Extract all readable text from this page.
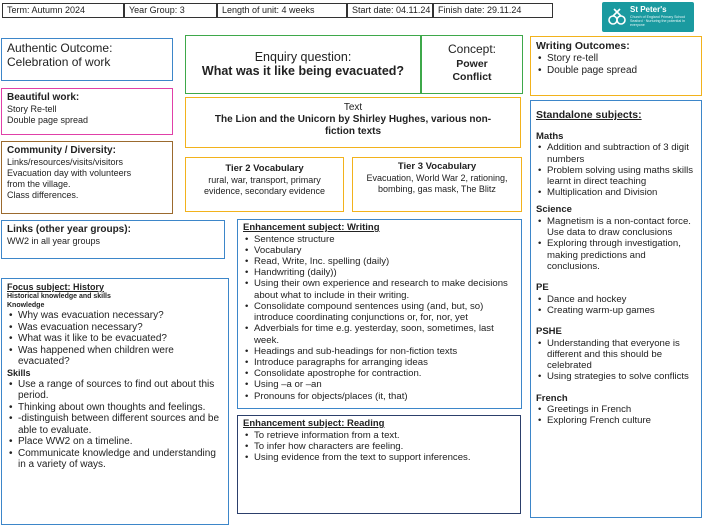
Term: Autumn 2024	Year Group: 3	Length of unit: 4 weeks	Start date: 04.11.24 Finish date: 29.11.24	St Peter's
Church of England Primary School Seaford · Nurturing the potential in everyone
Authentic Outcome:
Celebration of work	Enquiry question:
What was it like being evacuated?
Concept:
Power Conflict
Writing Outcomes:
• Story re-tell
• Double page spread
Beautiful work:
Story Re-tell
Double page spread
Text
The Lion and the Unicorn by Shirley Hughes, various non-fiction texts
Community / Diversity:
Links/resources/visits/visitors
Evacuation day with volunteers
from the village.
Class differences.
Tier 2 Vocabulary
rural, war, transport, primary evidence, secondary evidence
Tier 3 Vocabulary
Evacuation, World War 2, rationing, bombing, gas mask, The Blitz
Links (other year groups):
WW2 in all year groups
Enhancement subject: Writing
• Sentence structure
• Vocabulary
• Read, Write, Inc. spelling (daily)
• Handwriting (daily))
• Using their own experience and research to make decisions about what to include in their writing.
• Consolidate compound sentences using (and, but, so) introduce coordinating conjunctions or, for, nor, yet
• Adverbials for time e.g. yesterday, soon, sometimes, last week.
• Headings and sub-headings for non-fiction texts
• Introduce paragraphs for arranging ideas
• Consolidate apostrophe for contraction.
• Using –a or –an
• Pronouns for objects/places (it, that)
Focus subject: History
Historical knowledge and skills
Knowledge
• Why was evacuation necessary?
• Was evacuation necessary?
• What was it like to be evacuated?
• Was happened when children were evacuated?
Skills
• Use a range of sources to find out about this period.
• Thinking about own thoughts and feelings.
• -distinguish between different sources and be able to evaluate.
• Place WW2 on a timeline.
• Communicate knowledge and understanding in a variety of ways.
Enhancement subject: Reading
• To retrieve information from a text.
• To infer how characters are feeling.
• Using evidence from the text to support inferences.
Standalone subjects:
Maths
• Addition and subtraction of 3 digit numbers
• Problem solving using maths skills learnt in direct teaching
• Multiplication and Division
Science
• Magnetism is a non-contact force. Use data to draw conclusions
• Exploring through investigation, making predictions and conclusions.
PE
• Dance and hockey
• Creating warm-up games
PSHE
• Understanding that everyone is different and this should be celebrated
• Using strategies to solve conflicts
French
• Greetings in French
• Exploring French culture
